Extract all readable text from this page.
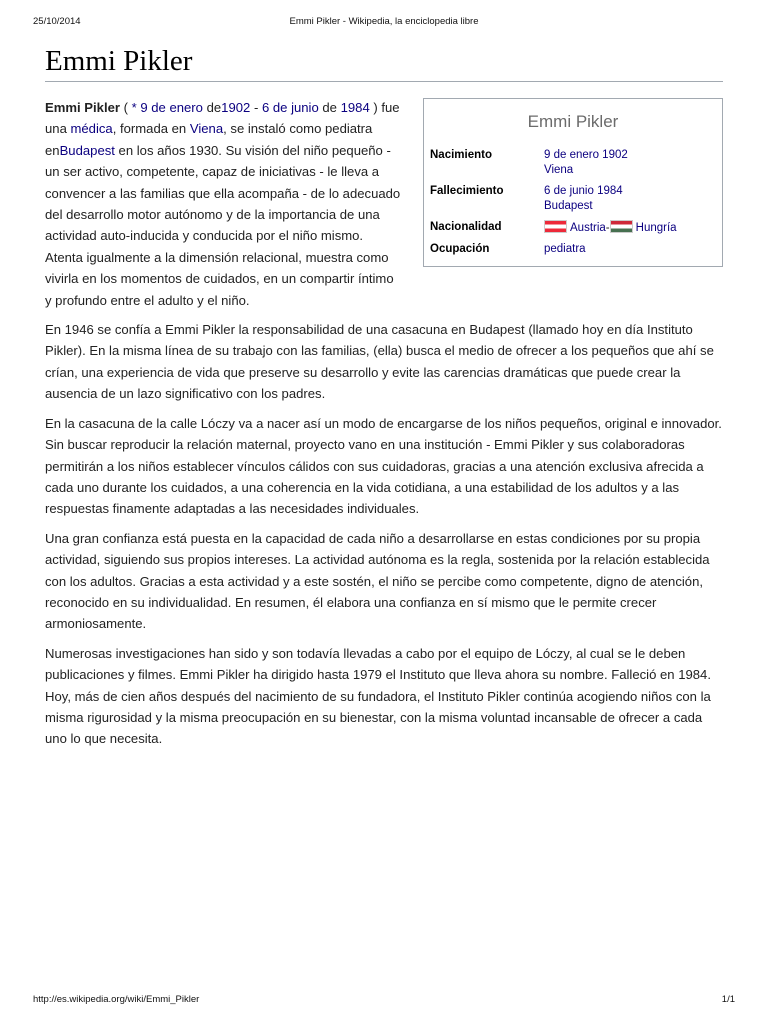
25/10/2014	Emmi Pikler - Wikipedia, la enciclopedia libre
Emmi Pikler
Emmi Pikler
Nacimiento	9 de enero 1902
Viena
Fallecimiento	6 de junio 1984
Budapest
Nacionalidad	Austria- Hungría
Ocupación	pediatra

Emmi Pikler ( * 9 de enero de1902 - 6 de junio de 1984 ) fue una médica, formada en Viena, se instaló como pediatra enBudapest en los años 1930. Su visión del niño pequeño - un ser activo, competente, capaz de iniciativas - le lleva a convencer a las familias que ella acompaña - de lo adecuado del desarrollo motor autónomo y de la importancia de una actividad auto-inducida y conducida por el niño mismo. Atenta igualmente a la dimensión relacional, muestra como vivirla en los momentos de cuidados, en un compartir íntimo y profundo entre el adulto y el niño.

En 1946 se confía a Emmi Pikler la responsabilidad de una casacuna en Budapest (llamado hoy en día Instituto Pikler). En la misma línea de su trabajo con las familias, (ella) busca el medio de ofrecer a los pequeños que ahí se crían, una experiencia de vida que preserve su desarrollo y evite las carencias dramáticas que puede crear la ausencia de un lazo significativo con los padres.

En la casacuna de la calle Lóczy va a nacer así un modo de encargarse de los niños pequeños, original e innovador. Sin buscar reproducir la relación maternal, proyecto vano en una institución - Emmi Pikler y sus colaboradoras permitirán a los niños establecer vínculos cálidos con sus cuidadoras, gracias a una atención exclusiva afrecida a cada uno durante los cuidados, a una coherencia en la vida cotidiana, a una estabilidad de los adultos y a las respuestas finamente adaptadas a las necesidades individuales.

Una gran confianza está puesta en la capacidad de cada niño a desarrollarse en estas condiciones por su propia actividad, siguiendo sus propios intereses. La actividad autónoma es la regla, sostenida por la relación establecida con los adultos. Gracias a esta actividad y a este sostén, el niño se percibe como competente, digno de atención, reconocido en su individualidad. En resumen, él elabora una confianza en sí mismo que le permite crecer armoniosamente.

Numerosas investigaciones han sido y son todavía llevadas a cabo por el equipo de Lóczy, al cual se le deben publicaciones y filmes. Emmi Pikler ha dirigido hasta 1979 el Instituto que lleva ahora su nombre. Falleció en 1984. Hoy, más de cien años después del nacimiento de su fundadora, el Instituto Pikler continúa acogiendo niños con la misma rigurosidad y la misma preocupación en su bienestar, con la misma voluntad incansable de ofrecer a cada uno lo que necesita.

http://es.wikipedia.org/wiki/Emmi_Pikler	1/1
